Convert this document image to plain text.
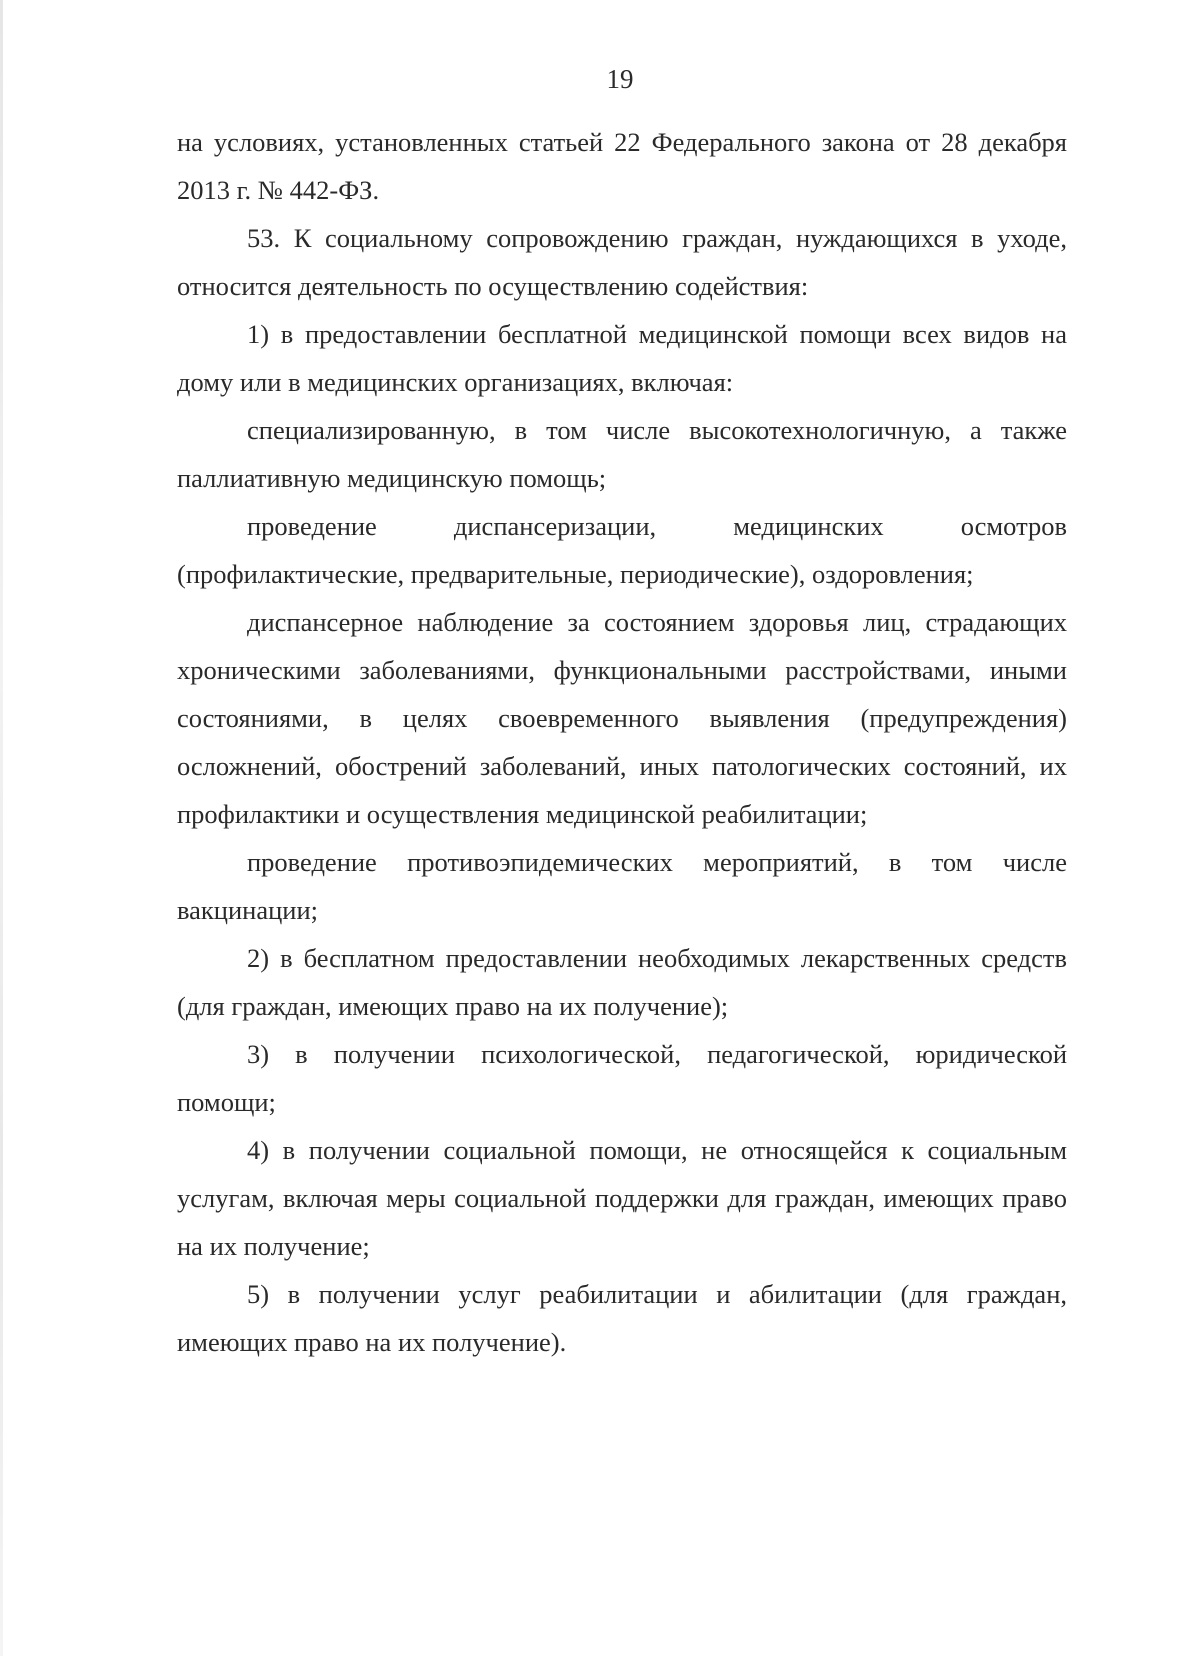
19

на условиях, установленных статьей 22 Федерального закона от 28 декабря 2013 г. № 442-ФЗ.

53. К социальному сопровождению граждан, нуждающихся в уходе, относится деятельность по осуществлению содействия:

1) в предоставлении бесплатной медицинской помощи всех видов на дому или в медицинских организациях, включая:

специализированную, в том числе высокотехнологичную, а также паллиативную медицинскую помощь;

проведение диспансеризации, медицинских осмотров (профилактические, предварительные, периодические), оздоровления;

диспансерное наблюдение за состоянием здоровья лиц, страдающих хроническими заболеваниями, функциональными расстройствами, иными состояниями, в целях своевременного выявления (предупреждения) осложнений, обострений заболеваний, иных патологических состояний, их профилактики и осуществления медицинской реабилитации;

проведение противоэпидемических мероприятий, в том числе вакцинации;

2) в бесплатном предоставлении необходимых лекарственных средств (для граждан, имеющих право на их получение);

3) в получении психологической, педагогической, юридической помощи;

4) в получении социальной помощи, не относящейся к социальным услугам, включая меры социальной поддержки для граждан, имеющих право на их получение;

5) в получении услуг реабилитации и абилитации (для граждан, имеющих право на их получение).
